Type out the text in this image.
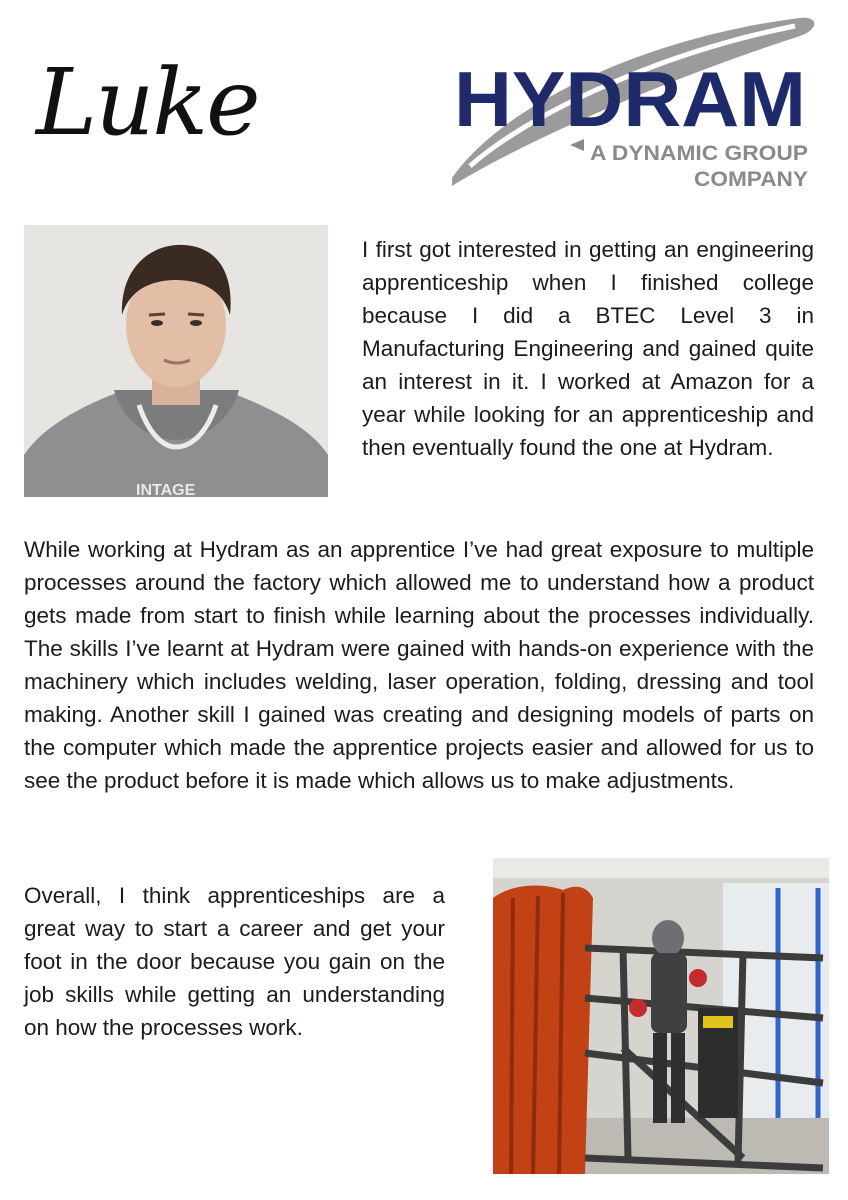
Luke	HYDRAM
A DYNAMIC GROUP
COMPANY
INTAGE

I first got interested in getting an engineering apprenticeship when I finished college because I did a BTEC Level 3 in Manufacturing Engineering and gained quite an interest in it. I worked at Amazon for a year while looking for an apprenticeship and then eventually found the one at Hydram.

While working at Hydram as an apprentice I’ve had great exposure to multiple processes around the factory which allowed me to understand how a product gets made from start to finish while learning about the processes individually. The skills I’ve learnt at Hydram were gained with hands-on experience with the machinery which includes welding, laser operation, folding, dressing and tool making. Another skill I gained was creating and designing models of parts on the computer which made the apprentice projects easier and allowed for us to see the product before it is made which allows us to make adjustments.

Overall, I think apprenticeships are a great way to start a career and get your foot in the door because you gain on the job skills while getting an understanding on how the processes work.
